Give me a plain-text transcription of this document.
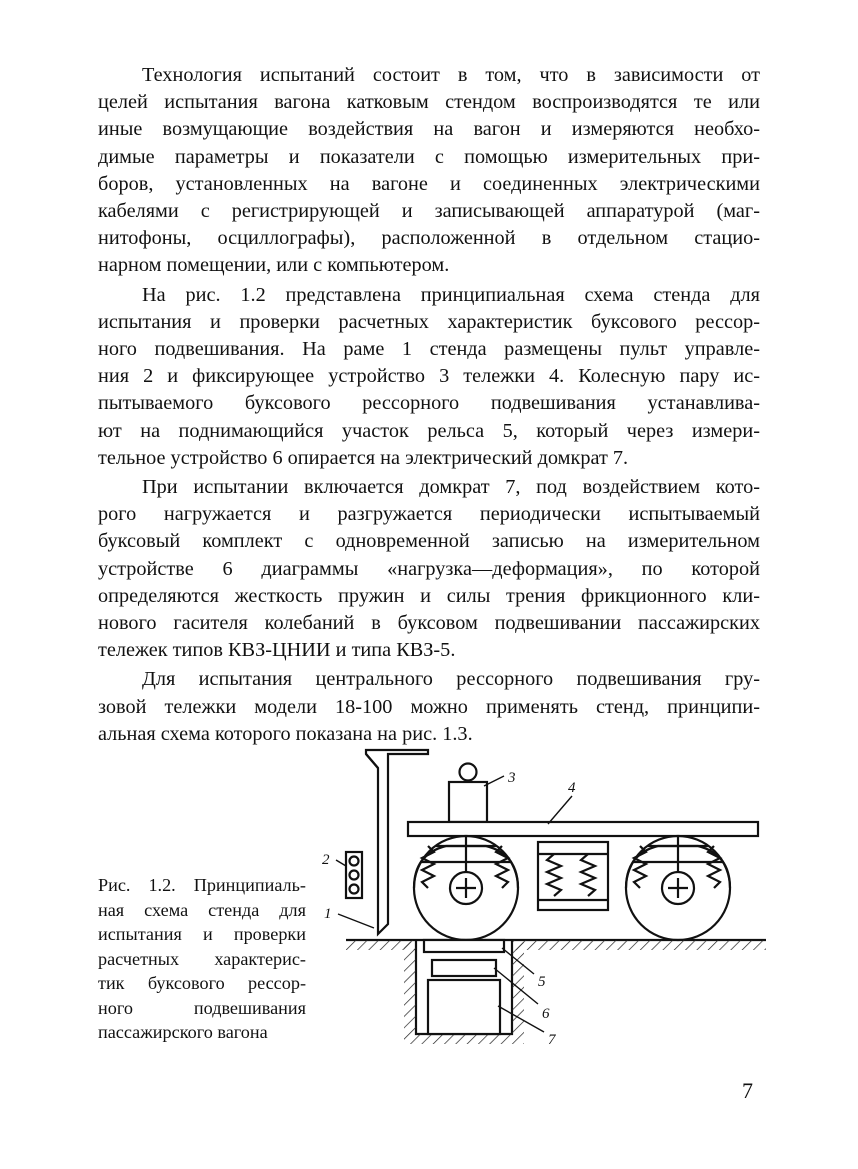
Технология испытаний состоит в том, что в зависимости от
целей испытания вагона катковым стендом воспроизводятся те или
иные возмущающие воздействия на вагон и измеряются необхо-
димые параметры и показатели с помощью измерительных при-
боров, установленных на вагоне и соединенных электрическими
кабелями с регистрирующей и записывающей аппаратурой (маг-
нитофоны, осциллографы), расположенной в отдельном стацио-
нарном помещении, или с компьютером.

На рис. 1.2 представлена принципиальная схема стенда для
испытания и проверки расчетных характеристик буксового рессор-
ного подвешивания. На раме 1 стенда размещены пульт управле-
ния 2 и фиксирующее устройство 3 тележки 4. Колесную пару ис-
пытываемого буксового рессорного подвешивания устанавлива-
ют на поднимающийся участок рельса 5, который через измери-
тельное устройство 6 опирается на электрический домкрат 7.

При испытании включается домкрат 7, под воздействием кото-
рого нагружается и разгружается периодически испытываемый
буксовый комплект с одновременной записью на измерительном
устройстве 6 диаграммы «нагрузка—деформация», по которой
определяются жесткость пружин и силы трения фрикционного кли-
нового гасителя колебаний в буксовом подвешивании пассажирских
тележек типов КВЗ-ЦНИИ и типа КВЗ-5.

Для испытания центрального рессорного подвешивания гру-
зовой тележки модели 18-100 можно применять стенд, принципи-
альная схема которого показана на рис. 1.3.

Рис. 1.2. Принципиаль-
ная схема стенда для
испытания и проверки
расчетных характерис-
тик буксового рессор-
ного подвешивания
пассажирского вагона
1
2
3
4
5
6
7
7
